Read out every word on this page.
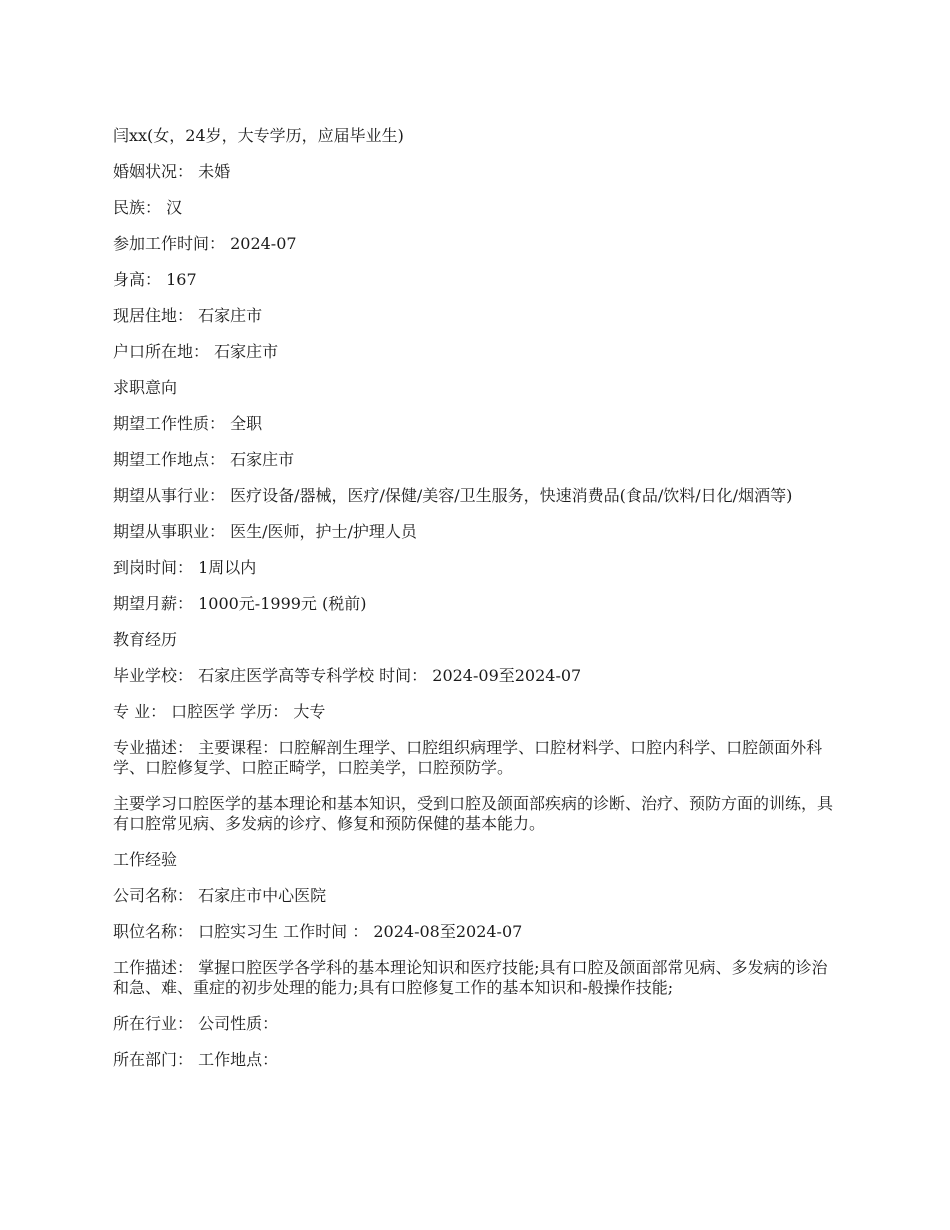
闫xx(女，24岁，大专学历，应届毕业生)
婚姻状况： 未婚
民族： 汉
参加工作时间： 2024-07
身高： 167
现居住地： 石家庄市
户口所在地： 石家庄市
求职意向
期望工作性质： 全职
期望工作地点： 石家庄市
期望从事行业： 医疗设备/器械，医疗/保健/美容/卫生服务，快速消费品(食品/饮料/日化/烟酒等)
期望从事职业： 医生/医师，护士/护理人员
到岗时间： 1周以内
期望月薪： 1000元-1999元 (税前)
教育经历
毕业学校： 石家庄医学高等专科学校 时间： 2024-09至2024-07
专 业： 口腔医学 学历： 大专
专业描述： 主要课程：口腔解剖生理学、口腔组织病理学、口腔材料学、口腔内科学、口腔颌面外科学、口腔修复学、口腔正畸学，口腔美学，口腔预防学。
主要学习口腔医学的基本理论和基本知识，受到口腔及颌面部疾病的诊断、治疗、预防方面的训练，具有口腔常见病、多发病的诊疗、修复和预防保健的基本能力。
工作经验
公司名称： 石家庄市中心医院
职位名称： 口腔实习生 工作时间 ： 2024-08至2024-07
工作描述： 掌握口腔医学各学科的基本理论知识和医疗技能;具有口腔及颌面部常见病、多发病的诊治和急、难、重症的初步处理的能力;具有口腔修复工作的基本知识和-般操作技能;
所在行业： 公司性质：
所在部门： 工作地点：
